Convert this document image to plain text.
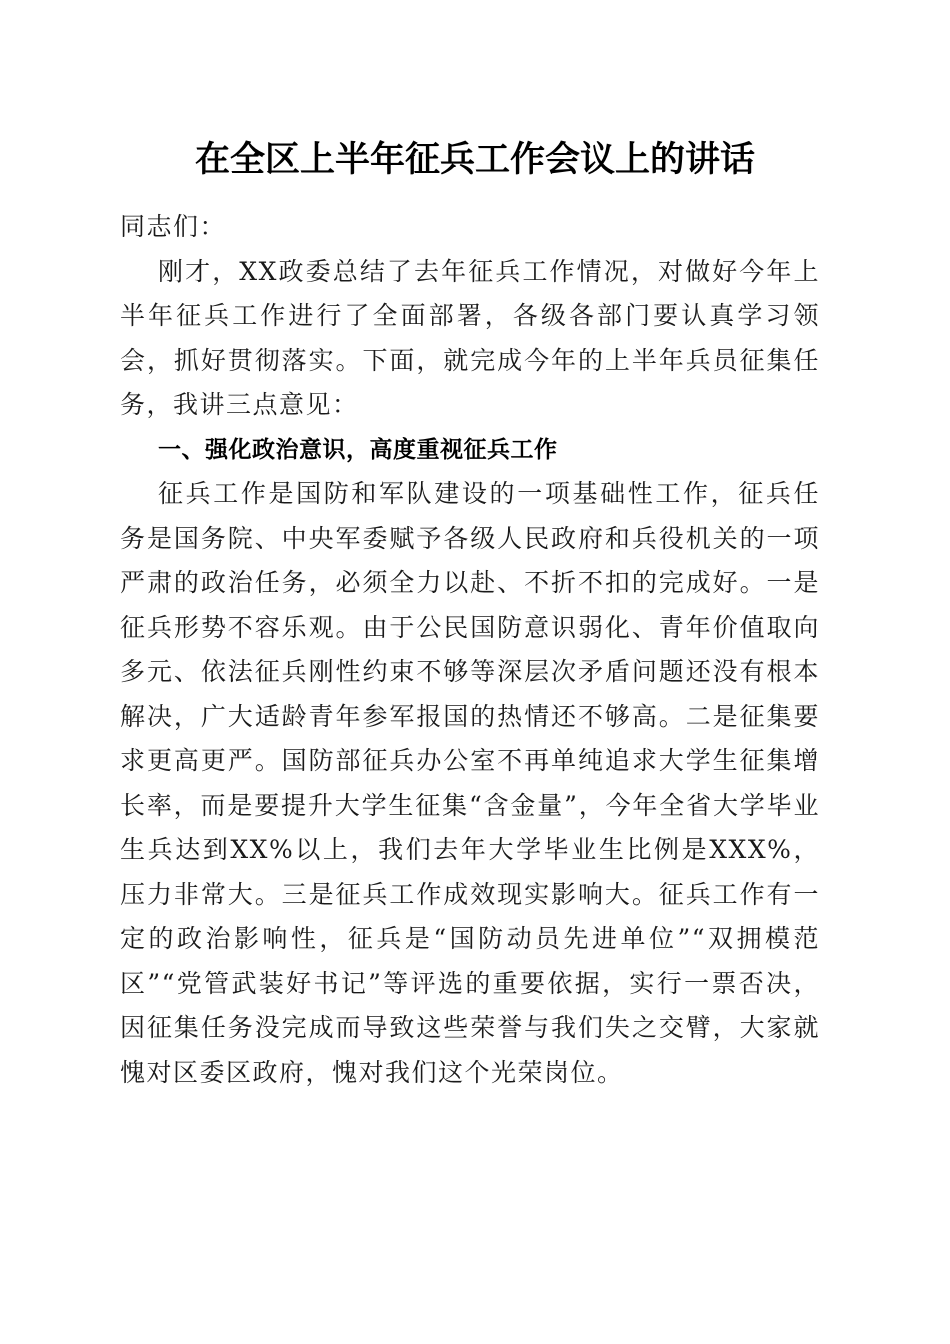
在全区上半年征兵工作会议上的讲话

同志们：

刚才，XX政委总结了去年征兵工作情况，对做好今年上半年征兵工作进行了全面部署，各级各部门要认真学习领会，抓好贯彻落实。下面，就完成今年的上半年兵员征集任务，我讲三点意见：

一、强化政治意识，高度重视征兵工作

征兵工作是国防和军队建设的一项基础性工作，征兵任务是国务院、中央军委赋予各级人民政府和兵役机关的一项严肃的政治任务，必须全力以赴、不折不扣的完成好。一是征兵形势不容乐观。由于公民国防意识弱化、青年价值取向多元、依法征兵刚性约束不够等深层次矛盾问题还没有根本解决，广大适龄青年参军报国的热情还不够高。二是征集要求更高更严。国防部征兵办公室不再单纯追求大学生征集增长率，而是要提升大学生征集“含金量”，今年全省大学毕业生兵达到XX%以上，我们去年大学毕业生比例是XXX%，压力非常大。三是征兵工作成效现实影响大。征兵工作有一定的政治影响性，征兵是“国防动员先进单位”“双拥模范区”“党管武装好书记”等评选的重要依据，实行一票否决，因征集任务没完成而导致这些荣誉与我们失之交臂，大家就愧对区委区政府，愧对我们这个光荣岗位。
